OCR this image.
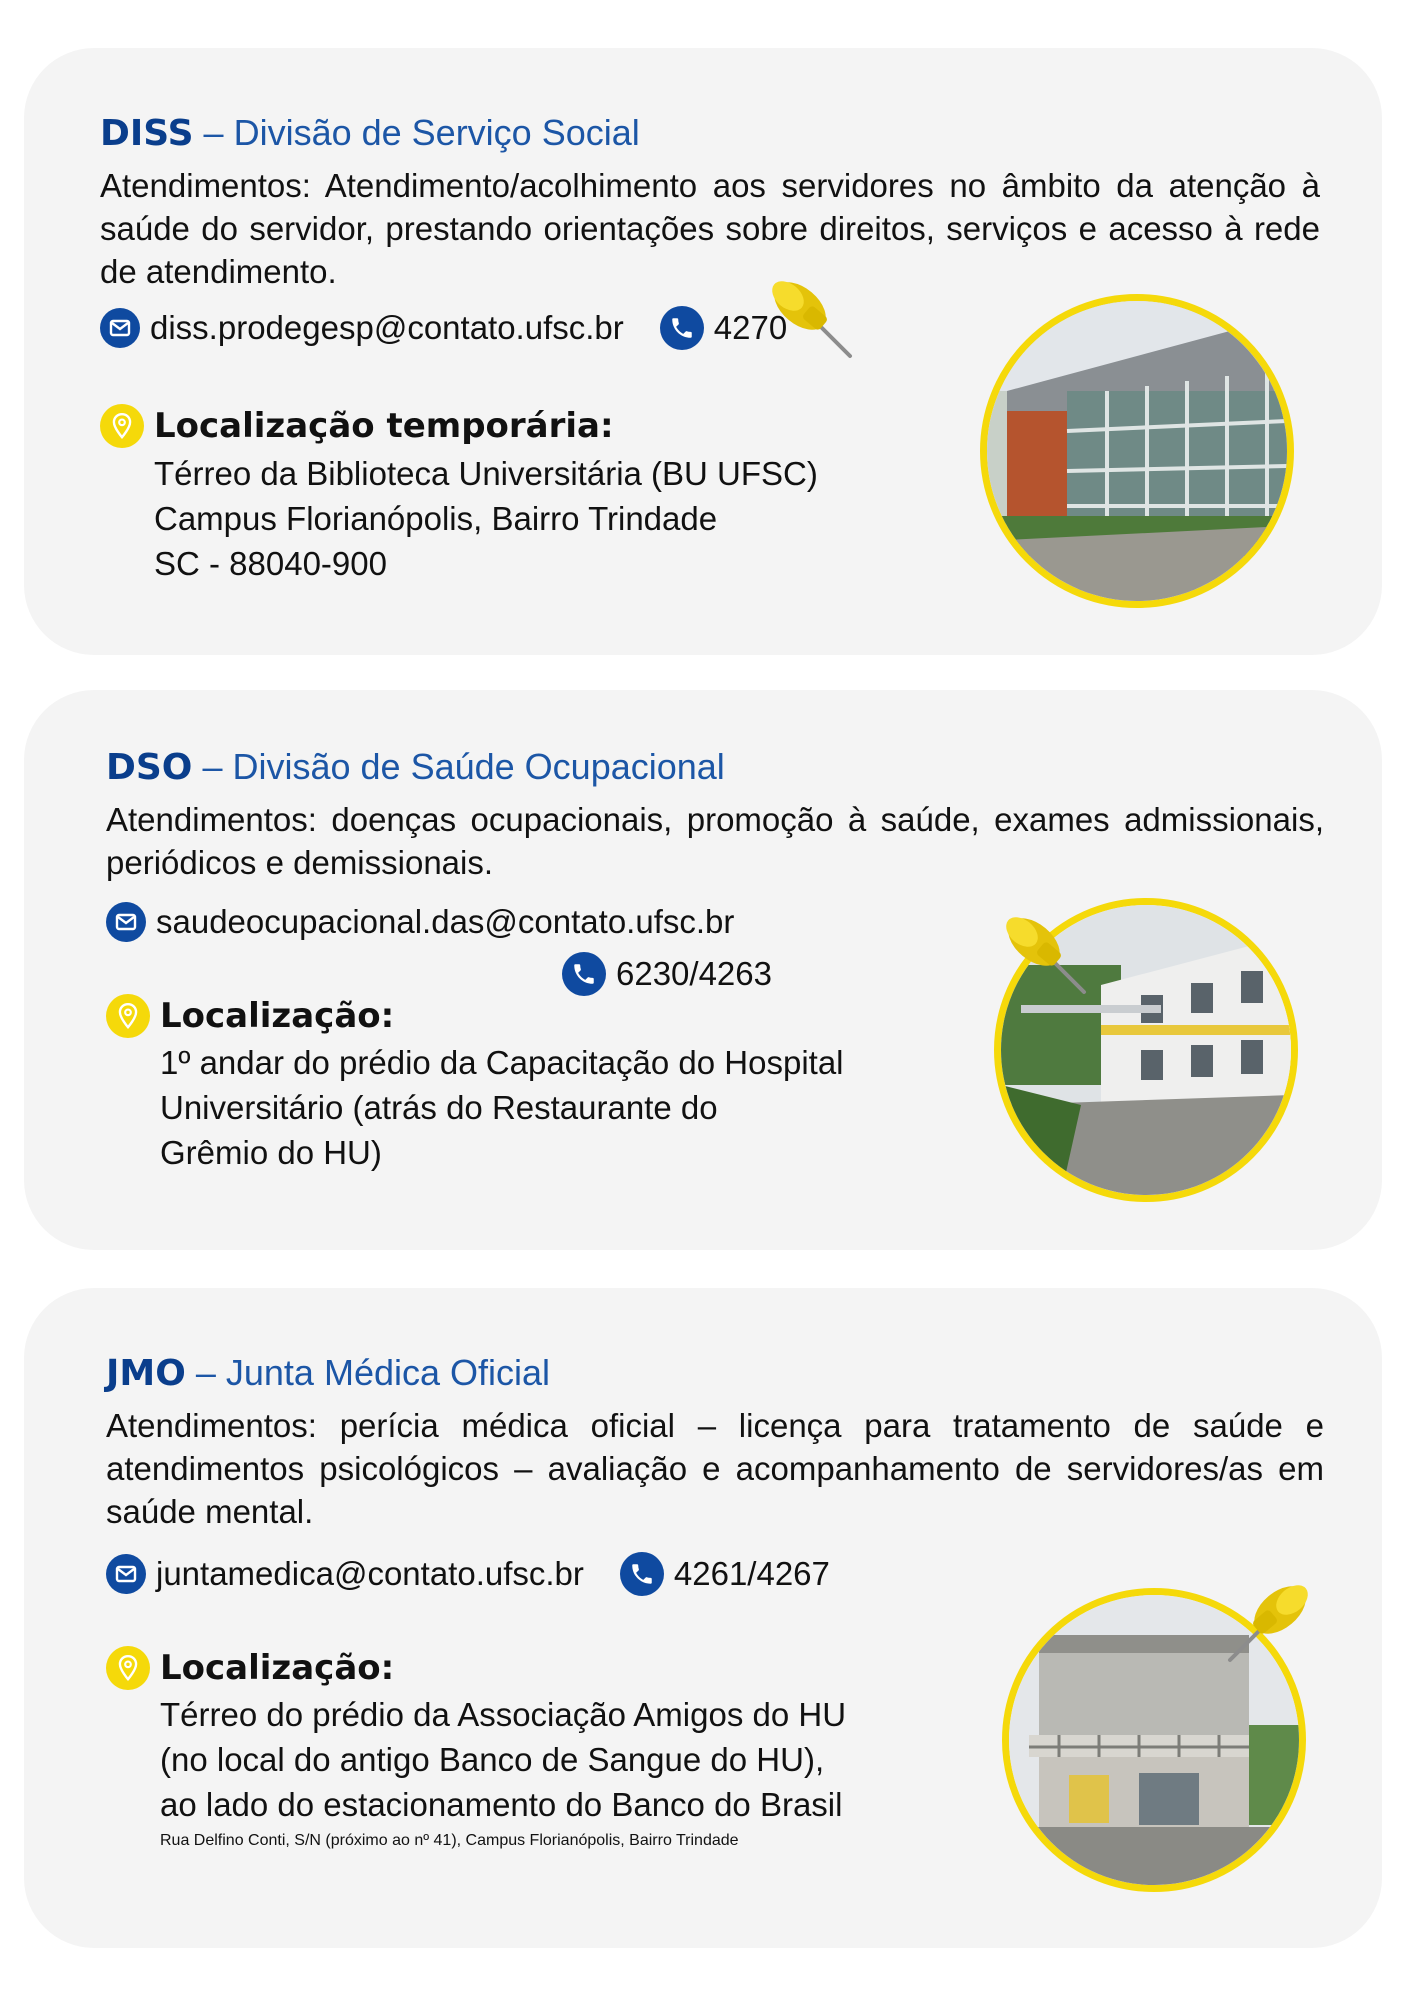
DISS – Divisão de Serviço Social
Atendimentos: Atendimento/acolhimento aos servidores no âmbito da atenção à saúde do servidor, prestando orientações sobre direitos, serviços e acesso à rede de atendimento.
diss.prodegesp@contato.ufsc.br	4270
Localização temporária:
Térreo da Biblioteca Universitária (BU UFSC)
Campus Florianópolis, Bairro Trindade
SC - 88040-900
DSO – Divisão de Saúde Ocupacional
Atendimentos: doenças ocupacionais, promoção à saúde, exames admissionais, periódicos e demissionais.
saudeocupacional.das@contato.ufsc.br
6230/4263
Localização:
1º andar do prédio da Capacitação do Hospital
Universitário (atrás do Restaurante do
Grêmio do HU)
JMO – Junta Médica Oficial
Atendimentos: perícia médica oficial – licença para tratamento de saúde e atendimentos psicológicos – avaliação e acompanhamento de servidores/as em saúde mental.
juntamedica@contato.ufsc.br	4261/4267
Localização:
Térreo do prédio da Associação Amigos do HU
(no local do antigo Banco de Sangue do HU),
ao lado do estacionamento do Banco do Brasil
Rua Delfino Conti, S/N (próximo ao nº 41), Campus Florianópolis, Bairro Trindade
